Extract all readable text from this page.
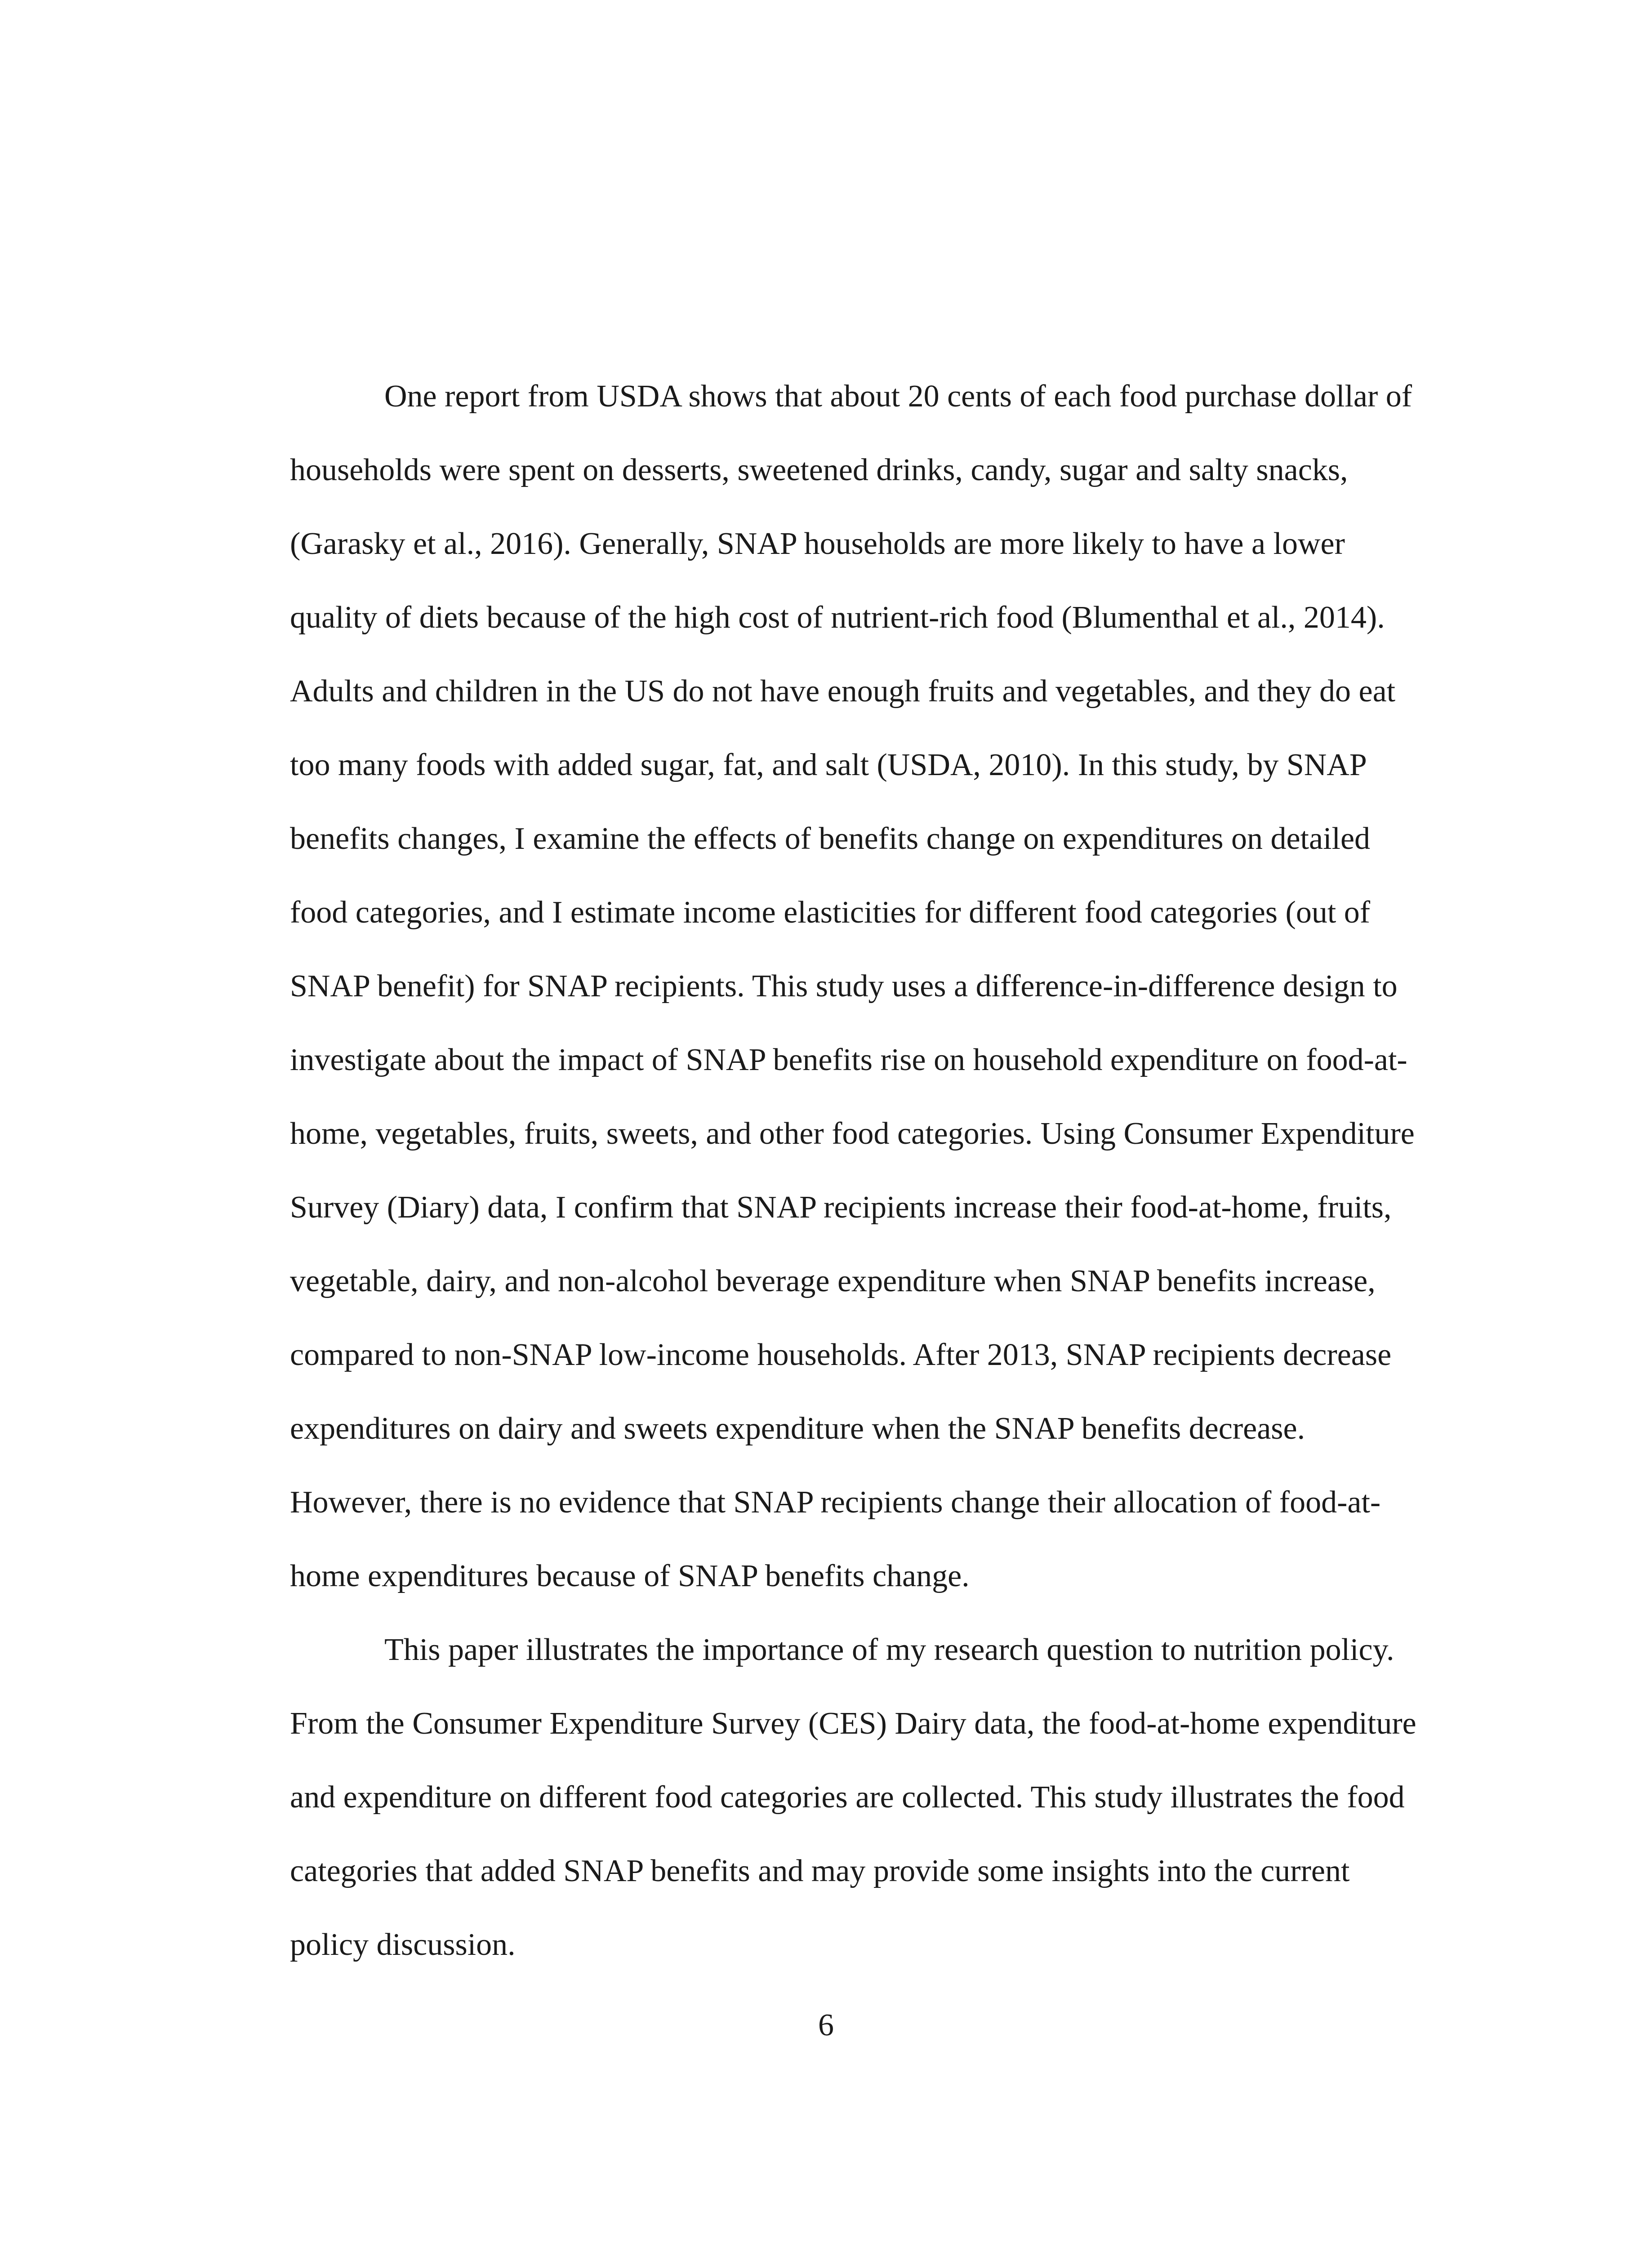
One report from USDA shows that about 20 cents of each food purchase dollar of
households were spent on desserts, sweetened drinks, candy, sugar and salty snacks,
(Garasky et al., 2016). Generally, SNAP households are more likely to have a lower
quality of diets because of the high cost of nutrient-rich food (Blumenthal et al., 2014).
Adults and children in the US do not have enough fruits and vegetables, and they do eat
too many foods with added sugar, fat, and salt (USDA, 2010). In this study, by SNAP
benefits changes, I examine the effects of benefits change on expenditures on detailed
food categories, and I estimate income elasticities for different food categories (out of
SNAP benefit) for SNAP recipients. This study uses a difference-in-difference design to
investigate about the impact of SNAP benefits rise on household expenditure on food-at-
home, vegetables, fruits, sweets, and other food categories. Using Consumer Expenditure
Survey (Diary) data, I confirm that SNAP recipients increase their food-at-home, fruits,
vegetable, dairy, and non-alcohol beverage expenditure when SNAP benefits increase,
compared to non-SNAP low-income households. After 2013, SNAP recipients decrease
expenditures on dairy and sweets expenditure when the SNAP benefits decrease.
However, there is no evidence that SNAP recipients change their allocation of food-at-
home expenditures because of SNAP benefits change.
This paper illustrates the importance of my research question to nutrition policy.
From the Consumer Expenditure Survey (CES) Dairy data, the food-at-home expenditure
and expenditure on different food categories are collected. This study illustrates the food
categories that added SNAP benefits and may provide some insights into the current
policy discussion.
6
